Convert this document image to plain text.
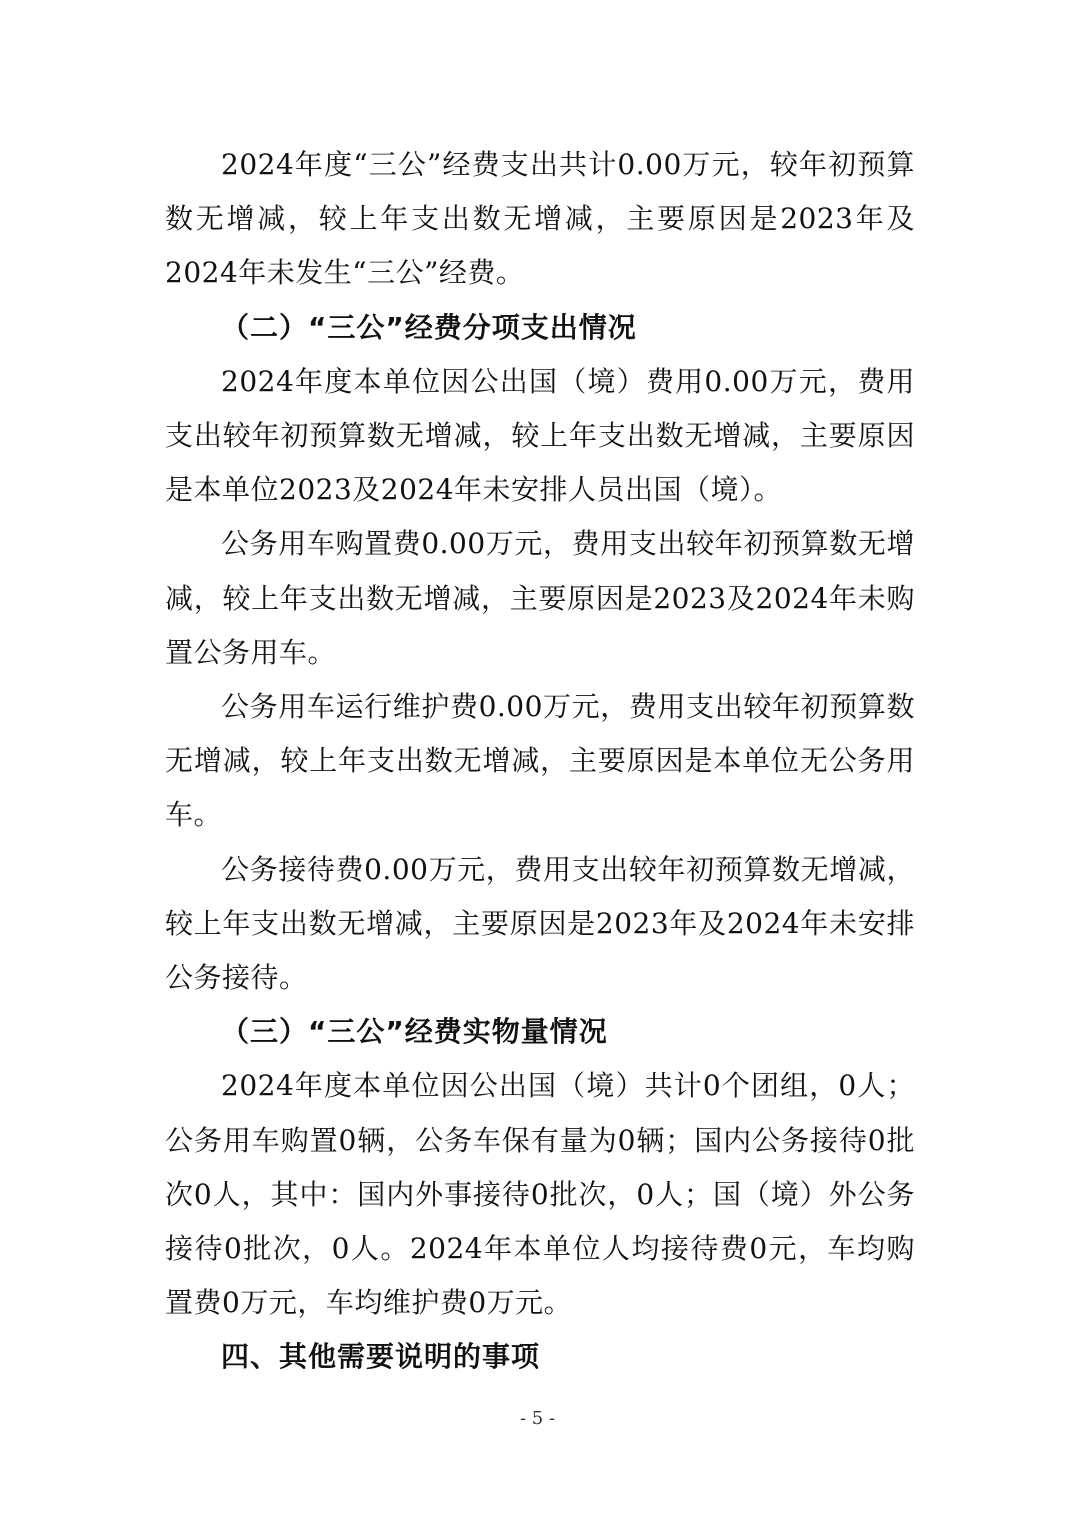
2024年度“三公”经费支出共计0.00万元，较年初预算数无增减，较上年支出数无增减，主要原因是2023年及2024年未发生“三公”经费。

（二）“三公”经费分项支出情况

2024年度本单位因公出国（境）费用0.00万元，费用支出较年初预算数无增减，较上年支出数无增减，主要原因是本单位2023及2024年未安排人员出国（境）。

公务用车购置费0.00万元，费用支出较年初预算数无增减，较上年支出数无增减，主要原因是2023及2024年未购置公务用车。

公务用车运行维护费0.00万元，费用支出较年初预算数无增减，较上年支出数无增减，主要原因是本单位无公务用车。

公务接待费0.00万元，费用支出较年初预算数无增减，较上年支出数无增减，主要原因是2023年及2024年未安排公务接待。

（三）“三公”经费实物量情况

2024年度本单位因公出国（境）共计0个团组，0人；公务用车购置0辆，公务车保有量为0辆；国内公务接待0批次0人，其中：国内外事接待0批次，0人；国（境）外公务接待0批次，0人。2024年本单位人均接待费0元，车均购置费0万元，车均维护费0万元。

四、其他需要说明的事项

- 5 -
